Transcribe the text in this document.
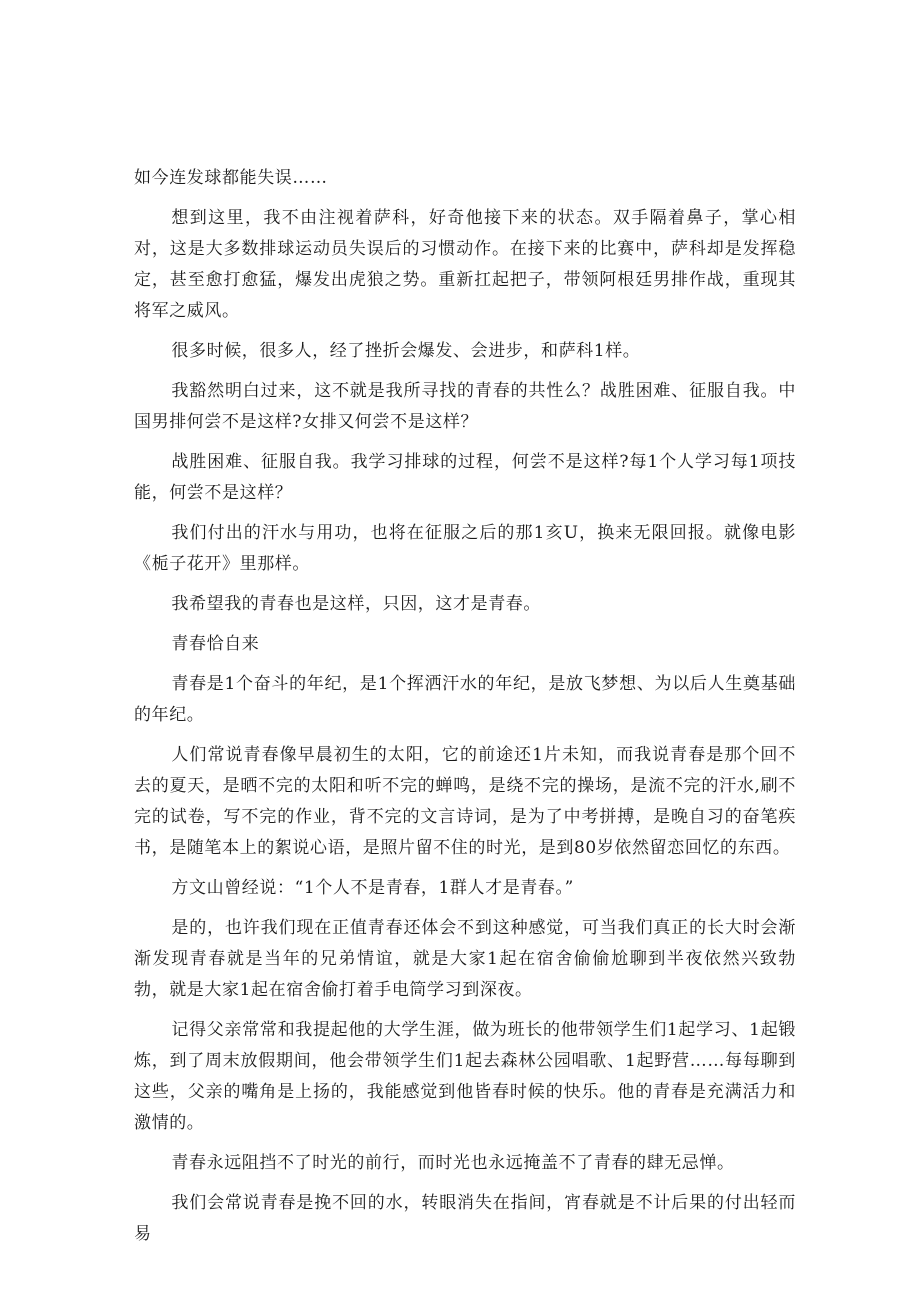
如今连发球都能失误……

想到这里，我不由注视着萨科，好奇他接下来的状态。双手隔着鼻子，掌心相对，这是大多数排球运动员失误后的习惯动作。在接下来的比赛中，萨科却是发挥稳定，甚至愈打愈猛，爆发出虎狼之势。重新扛起把子，带领阿根廷男排作战，重现其将军之威风。

很多时候，很多人，经了挫折会爆发、会进步，和萨科1样。

我豁然明白过来，这不就是我所寻找的青春的共性么？战胜困难、征服自我。中国男排何尝不是这样?女排又何尝不是这样？

战胜困难、征服自我。我学习排球的过程，何尝不是这样?每1个人学习每1项技能，何尝不是这样？

我们付出的汗水与用功，也将在征服之后的那1亥U，换来无限回报。就像电影《栀子花开》里那样。

我希望我的青春也是这样，只因，这才是青春。

青春恰自来

青春是1个奋斗的年纪，是1个挥洒汗水的年纪，是放飞梦想、为以后人生奠基础的年纪。

人们常说青春像早晨初生的太阳，它的前途还1片未知，而我说青春是那个回不去的夏天，是晒不完的太阳和听不完的蝉鸣，是绕不完的操场，是流不完的汗水,刷不完的试卷，写不完的作业，背不完的文言诗词，是为了中考拼搏，是晚自习的奋笔疾书，是随笔本上的絮说心语，是照片留不住的时光，是到80岁依然留恋回忆的东西。

方文山曾经说：“1个人不是青春，1群人才是青春。”

是的，也许我们现在正值青春还体会不到这种感觉，可当我们真正的长大时会渐渐发现青春就是当年的兄弟情谊，就是大家1起在宿舍偷偷尬聊到半夜依然兴致勃勃，就是大家1起在宿舍偷打着手电筒学习到深夜。

记得父亲常常和我提起他的大学生涯，做为班长的他带领学生们1起学习、1起锻炼，到了周末放假期间，他会带领学生们1起去森林公园唱歌、1起野营……每每聊到这些，父亲的嘴角是上扬的，我能感觉到他皆春时候的快乐。他的青春是充满活力和激情的。

青春永远阻挡不了时光的前行，而时光也永远掩盖不了青春的肆无忌惮。

我们会常说青春是挽不回的水，转眼消失在指间，宵春就是不计后果的付出轻而易
